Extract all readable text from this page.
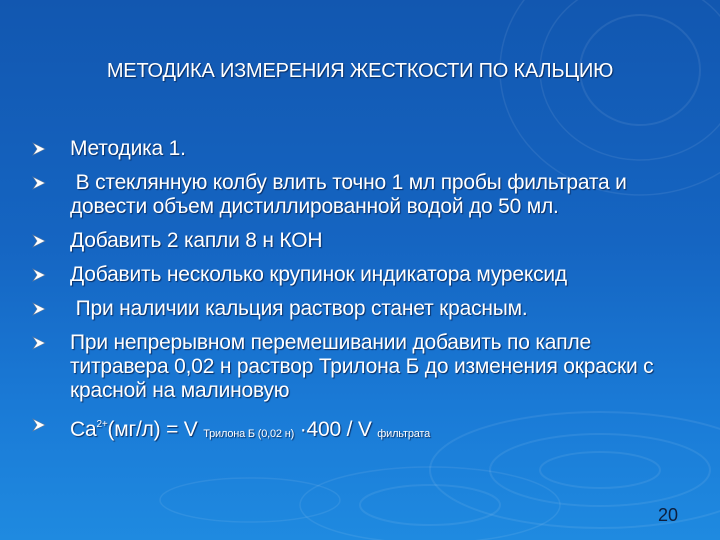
МЕТОДИКА ИЗМЕРЕНИЯ ЖЕСТКОСТИ ПО КАЛЬЦИЮ
Методика 1.
В стеклянную колбу влить точно 1 мл пробы фильтрата и довести объем дистиллированной водой до 50 мл.
Добавить 2 капли 8 н КОН
Добавить несколько крупинок индикатора мурексид
При наличии кальция раствор станет красным.
При непрерывном перемешивании добавить по капле титравера 0,02 н раствор Трилона Б до изменения окраски с красной на малиновую
$Ca^{2+}(мг/л) = V$ Трилона Б (0,02 н) ·400 / V фильтрата
20
